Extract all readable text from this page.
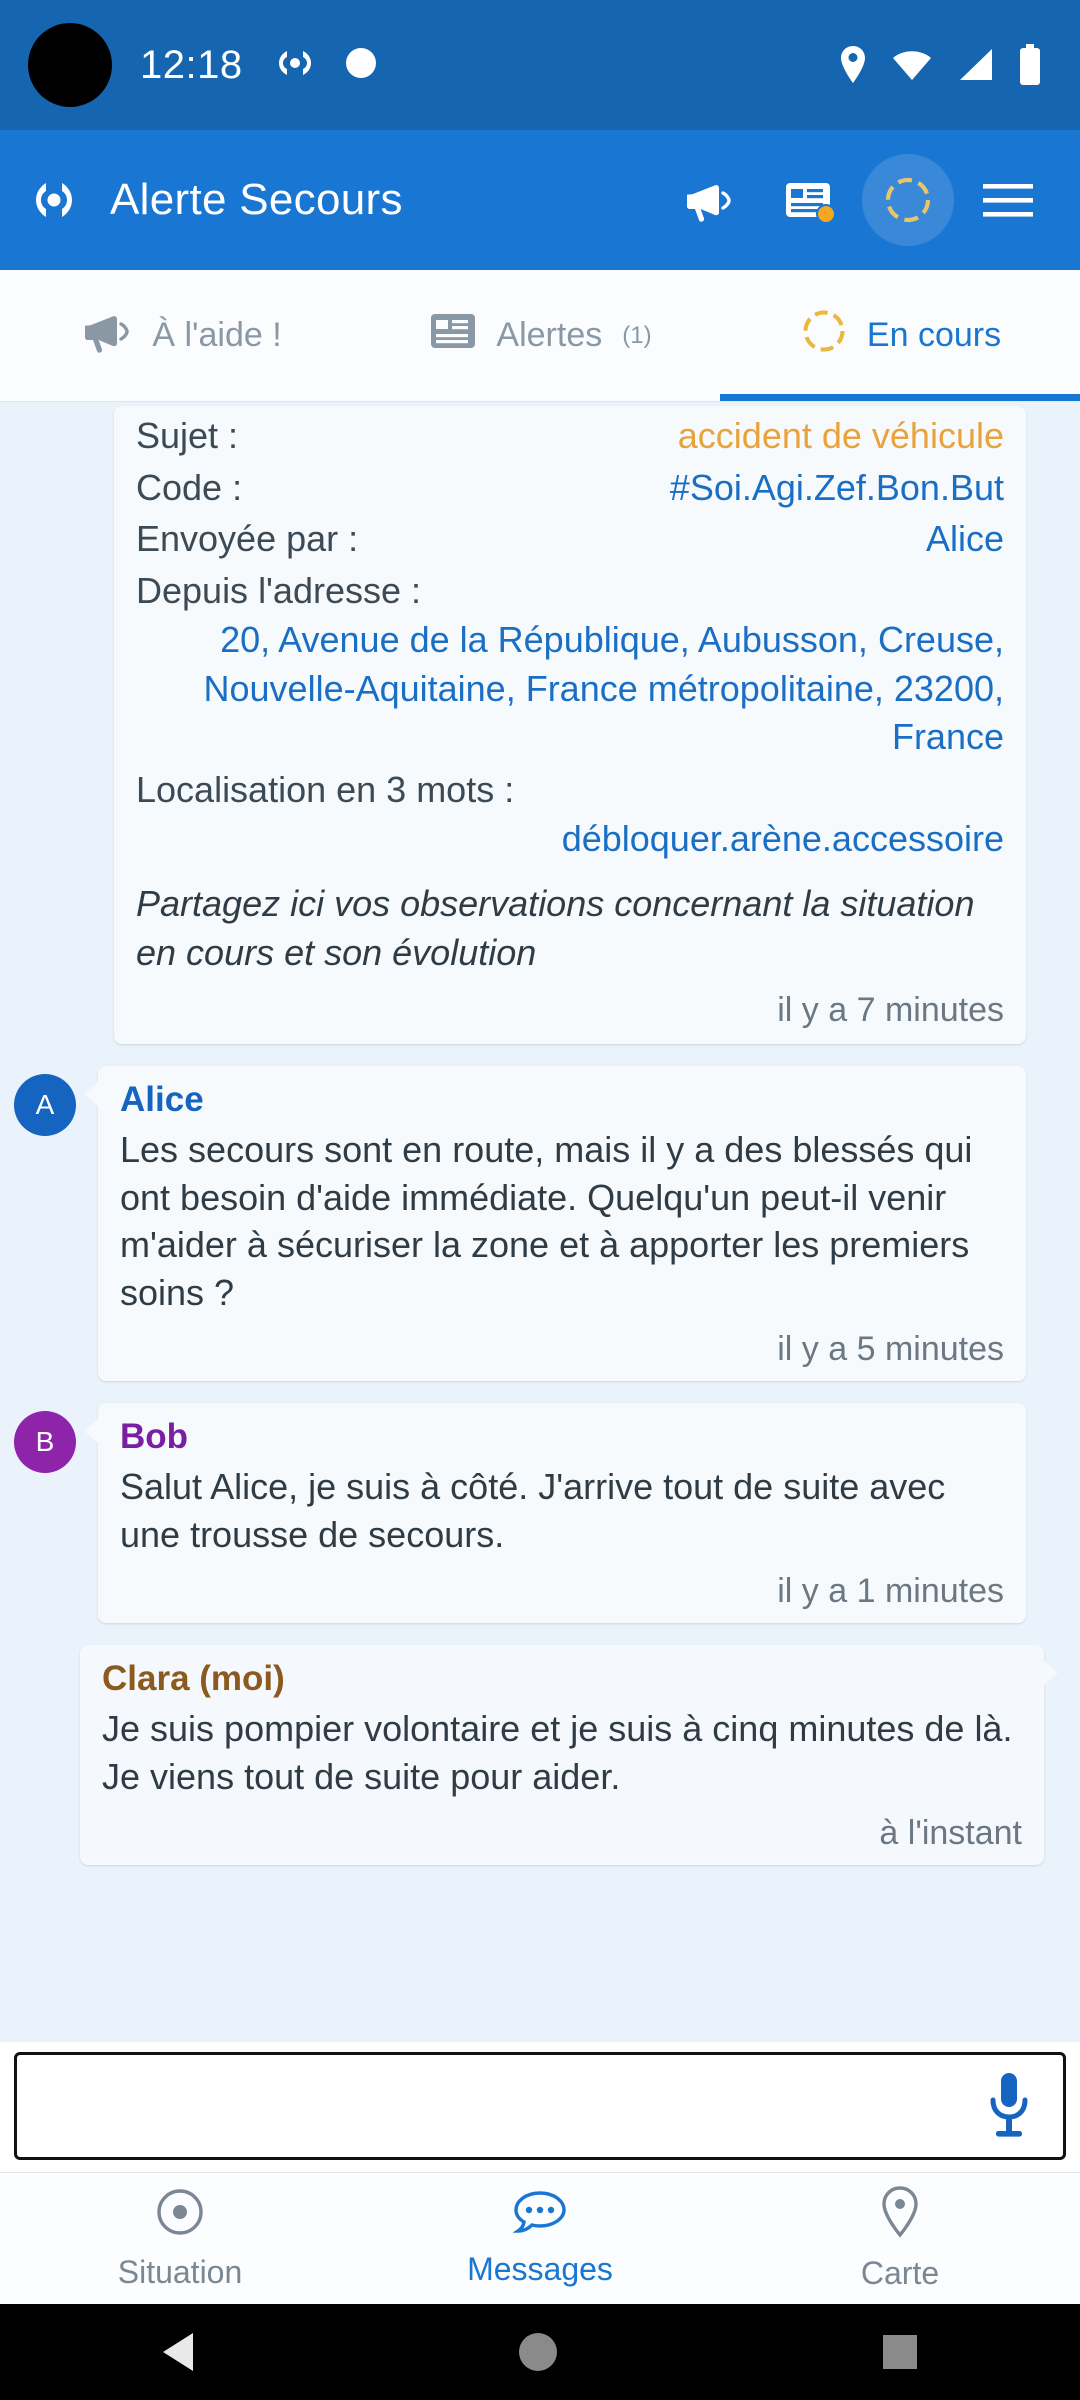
12:18
Alerte Secours
À l'aide !	Alertes (1)	En cours
Sujet :	accident de véhicule
Code :	#Soi.Agi.Zef.Bon.But
Envoyée par :	Alice
Depuis l'adresse :
20, Avenue de la République, Aubusson, Creuse, Nouvelle-Aquitaine, France métropolitaine, 23200, France
Localisation en 3 mots :
débloquer.arène.accessoire
Partagez ici vos observations concernant la situation en cours et son évolution
il y a 7 minutes
A	Alice
Les secours sont en route, mais il y a des blessés qui ont besoin d'aide immédiate. Quelqu'un peut-il venir m'aider à sécuriser la zone et à apporter les premiers soins ?
il y a 5 minutes
B	Bob
Salut Alice, je suis à côté. J'arrive tout de suite avec une trousse de secours.
il y a 1 minutes
Clara (moi)
Je suis pompier volontaire et je suis à cinq minutes de là. Je viens tout de suite pour aider.
à l'instant
Situation	Messages	Carte
